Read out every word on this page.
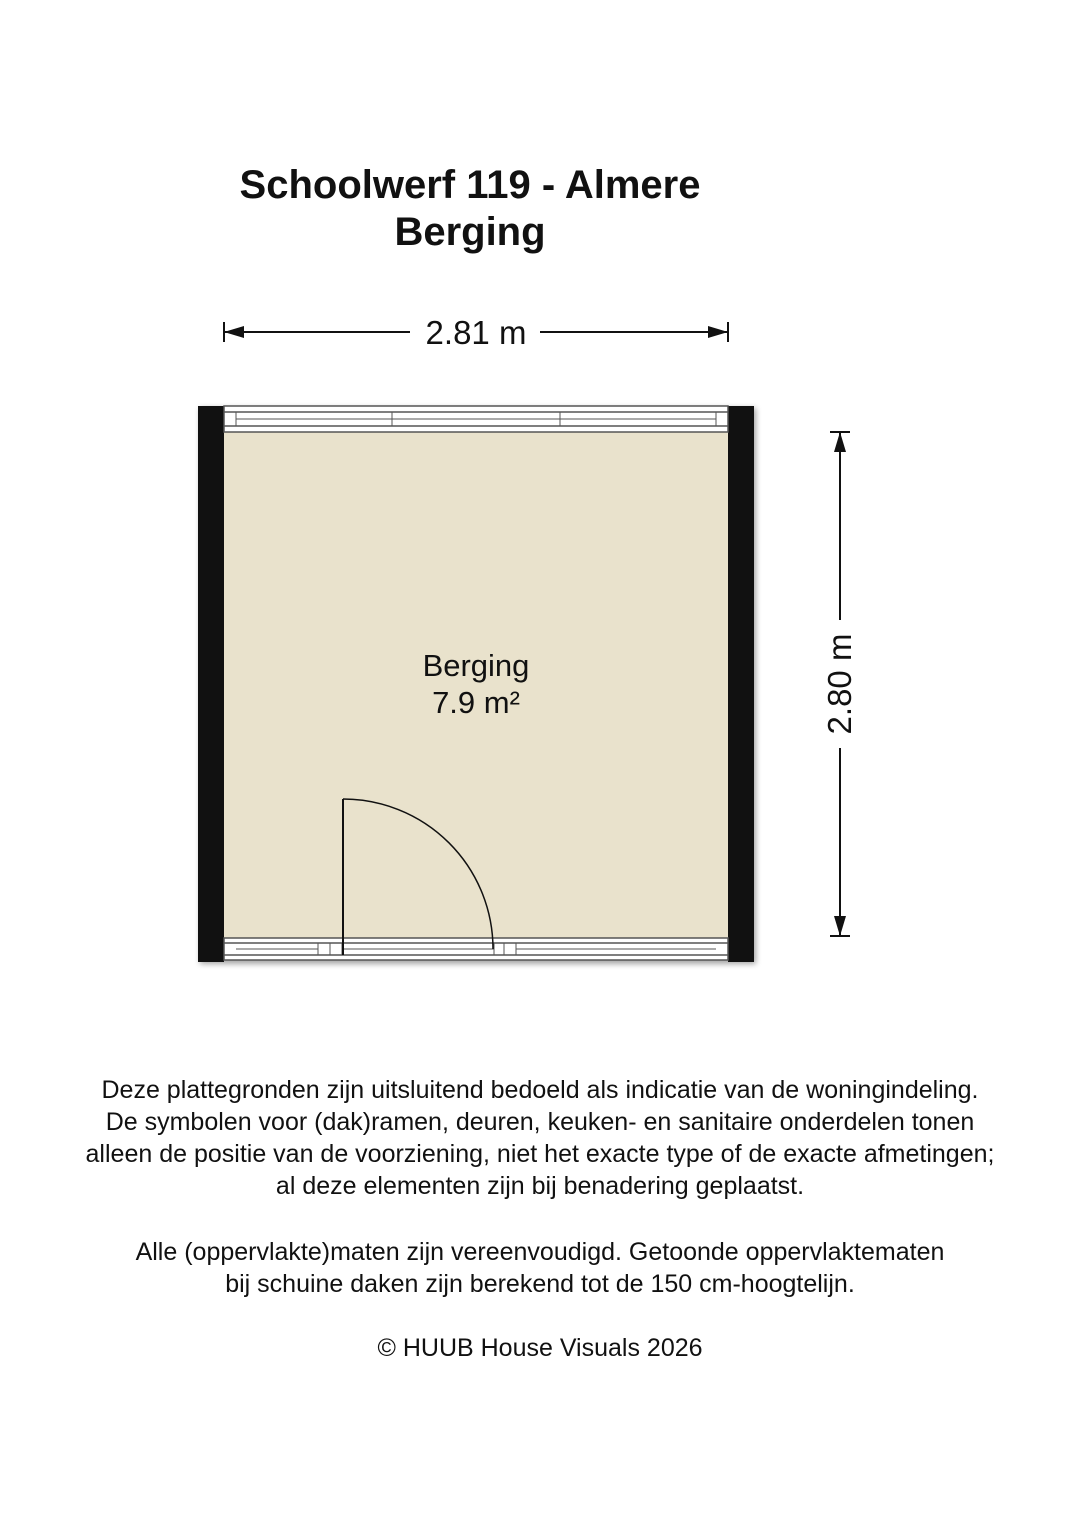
Schoolwerf 119 - Almere
Berging
2.81 m
2.80 m
Berging
7.9 m²
Deze plattegronden zijn uitsluitend bedoeld als indicatie van de woningindeling.
De symbolen voor (dak)ramen, deuren, keuken- en sanitaire onderdelen tonen
alleen de positie van de voorziening, niet het exacte type of de exacte afmetingen;
al deze elementen zijn bij benadering geplaatst.
Alle (oppervlakte)maten zijn vereenvoudigd. Getoonde oppervlaktematen
bij schuine daken zijn berekend tot de 150 cm-hoogtelijn.
© HUUB House Visuals 2026
